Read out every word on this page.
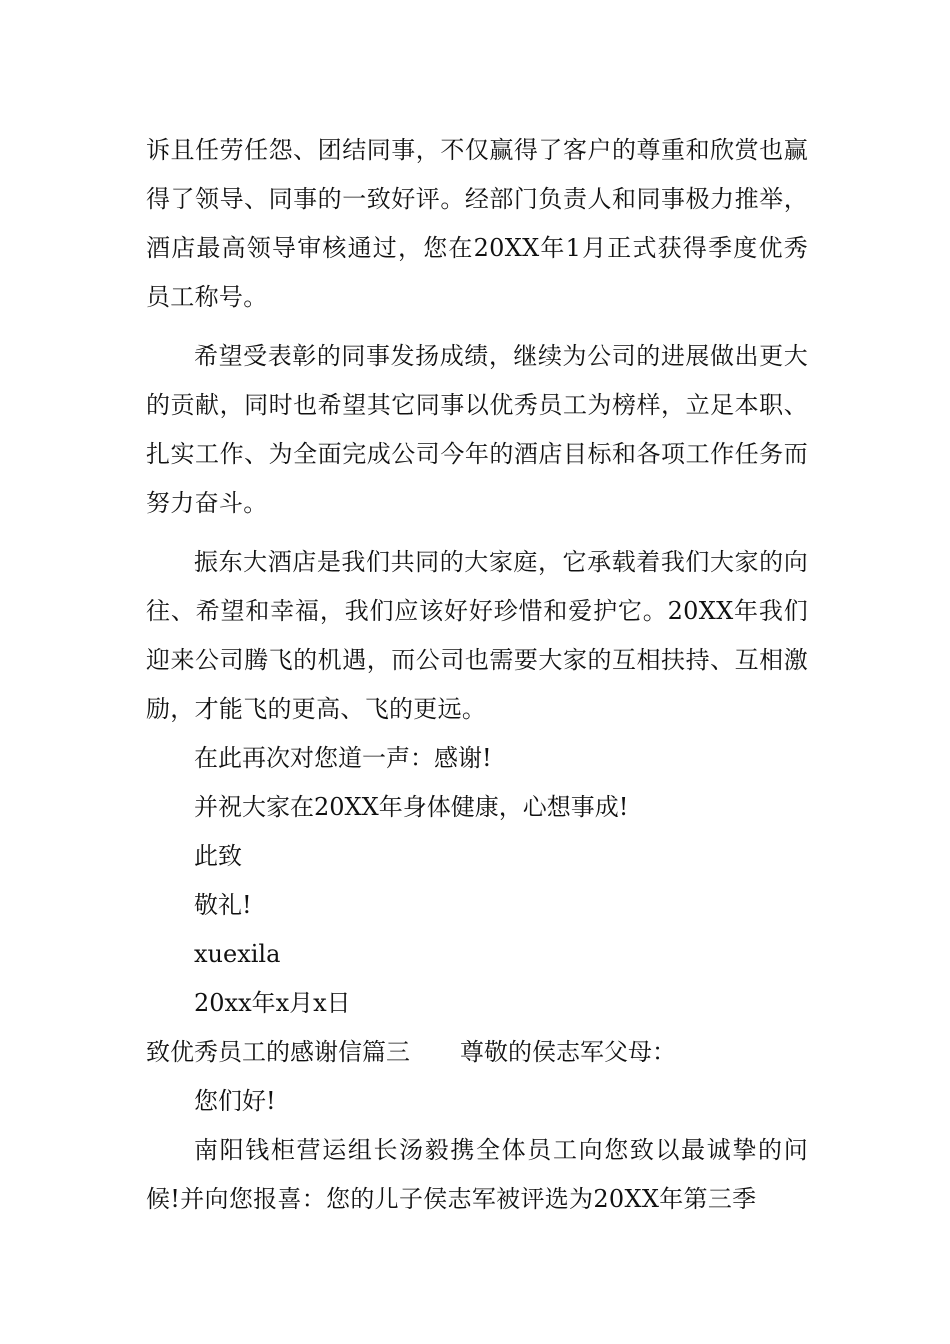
诉且任劳任怨、团结同事，不仅赢得了客户的尊重和欣赏也赢得了领导、同事的一致好评。经部门负责人和同事极力推举，酒店最高领导审核通过，您在20XX年1月正式获得季度优秀员工称号。

希望受表彰的同事发扬成绩，继续为公司的进展做出更大的贡献，同时也希望其它同事以优秀员工为榜样，立足本职、扎实工作、为全面完成公司今年的酒店目标和各项工作任务而努力奋斗。

振东大酒店是我们共同的大家庭，它承载着我们大家的向往、希望和幸福，我们应该好好珍惜和爱护它。20XX年我们迎来公司腾飞的机遇，而公司也需要大家的互相扶持、互相激励，才能飞的更高、飞的更远。

在此再次对您道一声：感谢!

并祝大家在20XX年身体健康，心想事成!

此致

敬礼!

xuexila

20xx年x月x日

致优秀员工的感谢信篇三 尊敬的侯志军父母：

您们好!

南阳钱柜营运组长汤毅携全体员工向您致以最诚挚的问候!并向您报喜：您的儿子侯志军被评选为20XX年第三季
